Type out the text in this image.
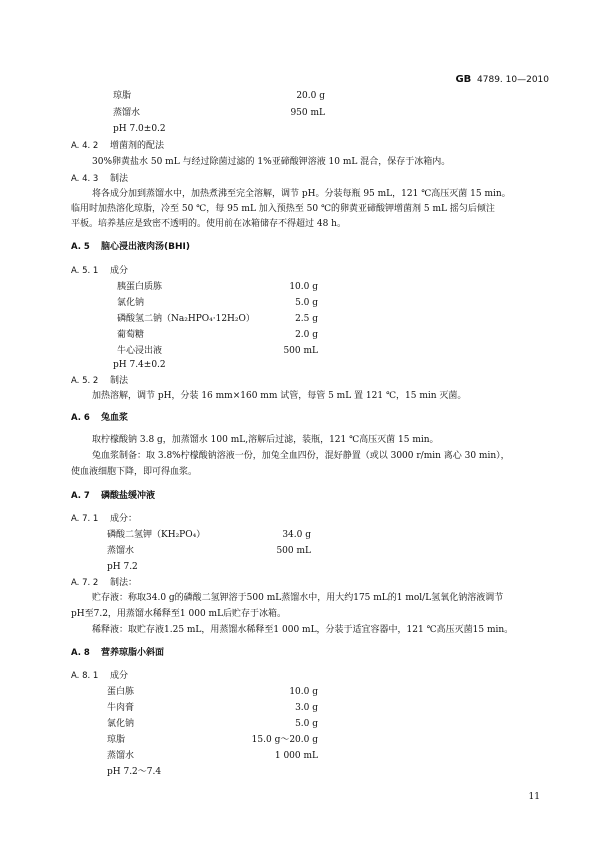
GB 4789. 10—2010
琼脂	20.0 g
蒸馏水	950 mL
pH 7.0±0.2
A. 4. 2 增菌剂的配法
30%卵黄盐水 50 mL 与经过除菌过滤的 1%亚碲酸钾溶液 10 mL 混合，保存于冰箱内。
A. 4. 3 制法
将各成分加到蒸馏水中，加热煮沸至完全溶解，调节 pH。分装每瓶 95 mL，121 ℃高压灭菌 15 min。
临用时加热溶化琼脂，冷至 50 ℃，每 95 mL 加入预热至 50 ℃的卵黄亚碲酸钾增菌剂 5 mL 摇匀后倾注
平板。培养基应是致密不透明的。使用前在冰箱储存不得超过 48 h。
A. 5 脑心浸出液肉汤(BHI)
A. 5. 1 成分
胰蛋白质胨	10.0 g
氯化钠	5.0 g
磷酸氢二钠（Na₂HPO₄·12H₂O）	2.5 g
葡萄糖	2.0 g
牛心浸出液	500 mL
pH 7.4±0.2
A. 5. 2 制法
加热溶解，调节 pH，分装 16 mm×160 mm 试管，每管 5 mL 置 121 ℃，15 min 灭菌。
A. 6 兔血浆
取柠檬酸钠 3.8 g，加蒸馏水 100 mL,溶解后过滤，装瓶，121 ℃高压灭菌 15 min。
兔血浆制备：取 3.8%柠檬酸钠溶液一份，加兔全血四份，混好静置（或以 3000 r/min 离心 30 min），
使血液细胞下降，即可得血浆。
A. 7 磷酸盐缓冲液
A. 7. 1 成分：
磷酸二氢钾（KH₂PO₄）	34.0 g
蒸馏水	500 mL
pH 7.2
A. 7. 2 制法：
贮存液：称取34.0 g的磷酸二氢钾溶于500 mL蒸馏水中，用大约175 mL的1 mol/L氢氧化钠溶液调节
pH至7.2，用蒸馏水稀释至1 000 mL后贮存于冰箱。
稀释液：取贮存液1.25 mL，用蒸馏水稀释至1 000 mL，分装于适宜容器中，121 ℃高压灭菌15 min。
A. 8 营养琼脂小斜面
A. 8. 1 成分
蛋白胨	10.0 g
牛肉膏	3.0 g
氯化钠	5.0 g
琼脂	15.0 g～20.0 g
蒸馏水	1 000 mL
pH 7.2～7.4
11
